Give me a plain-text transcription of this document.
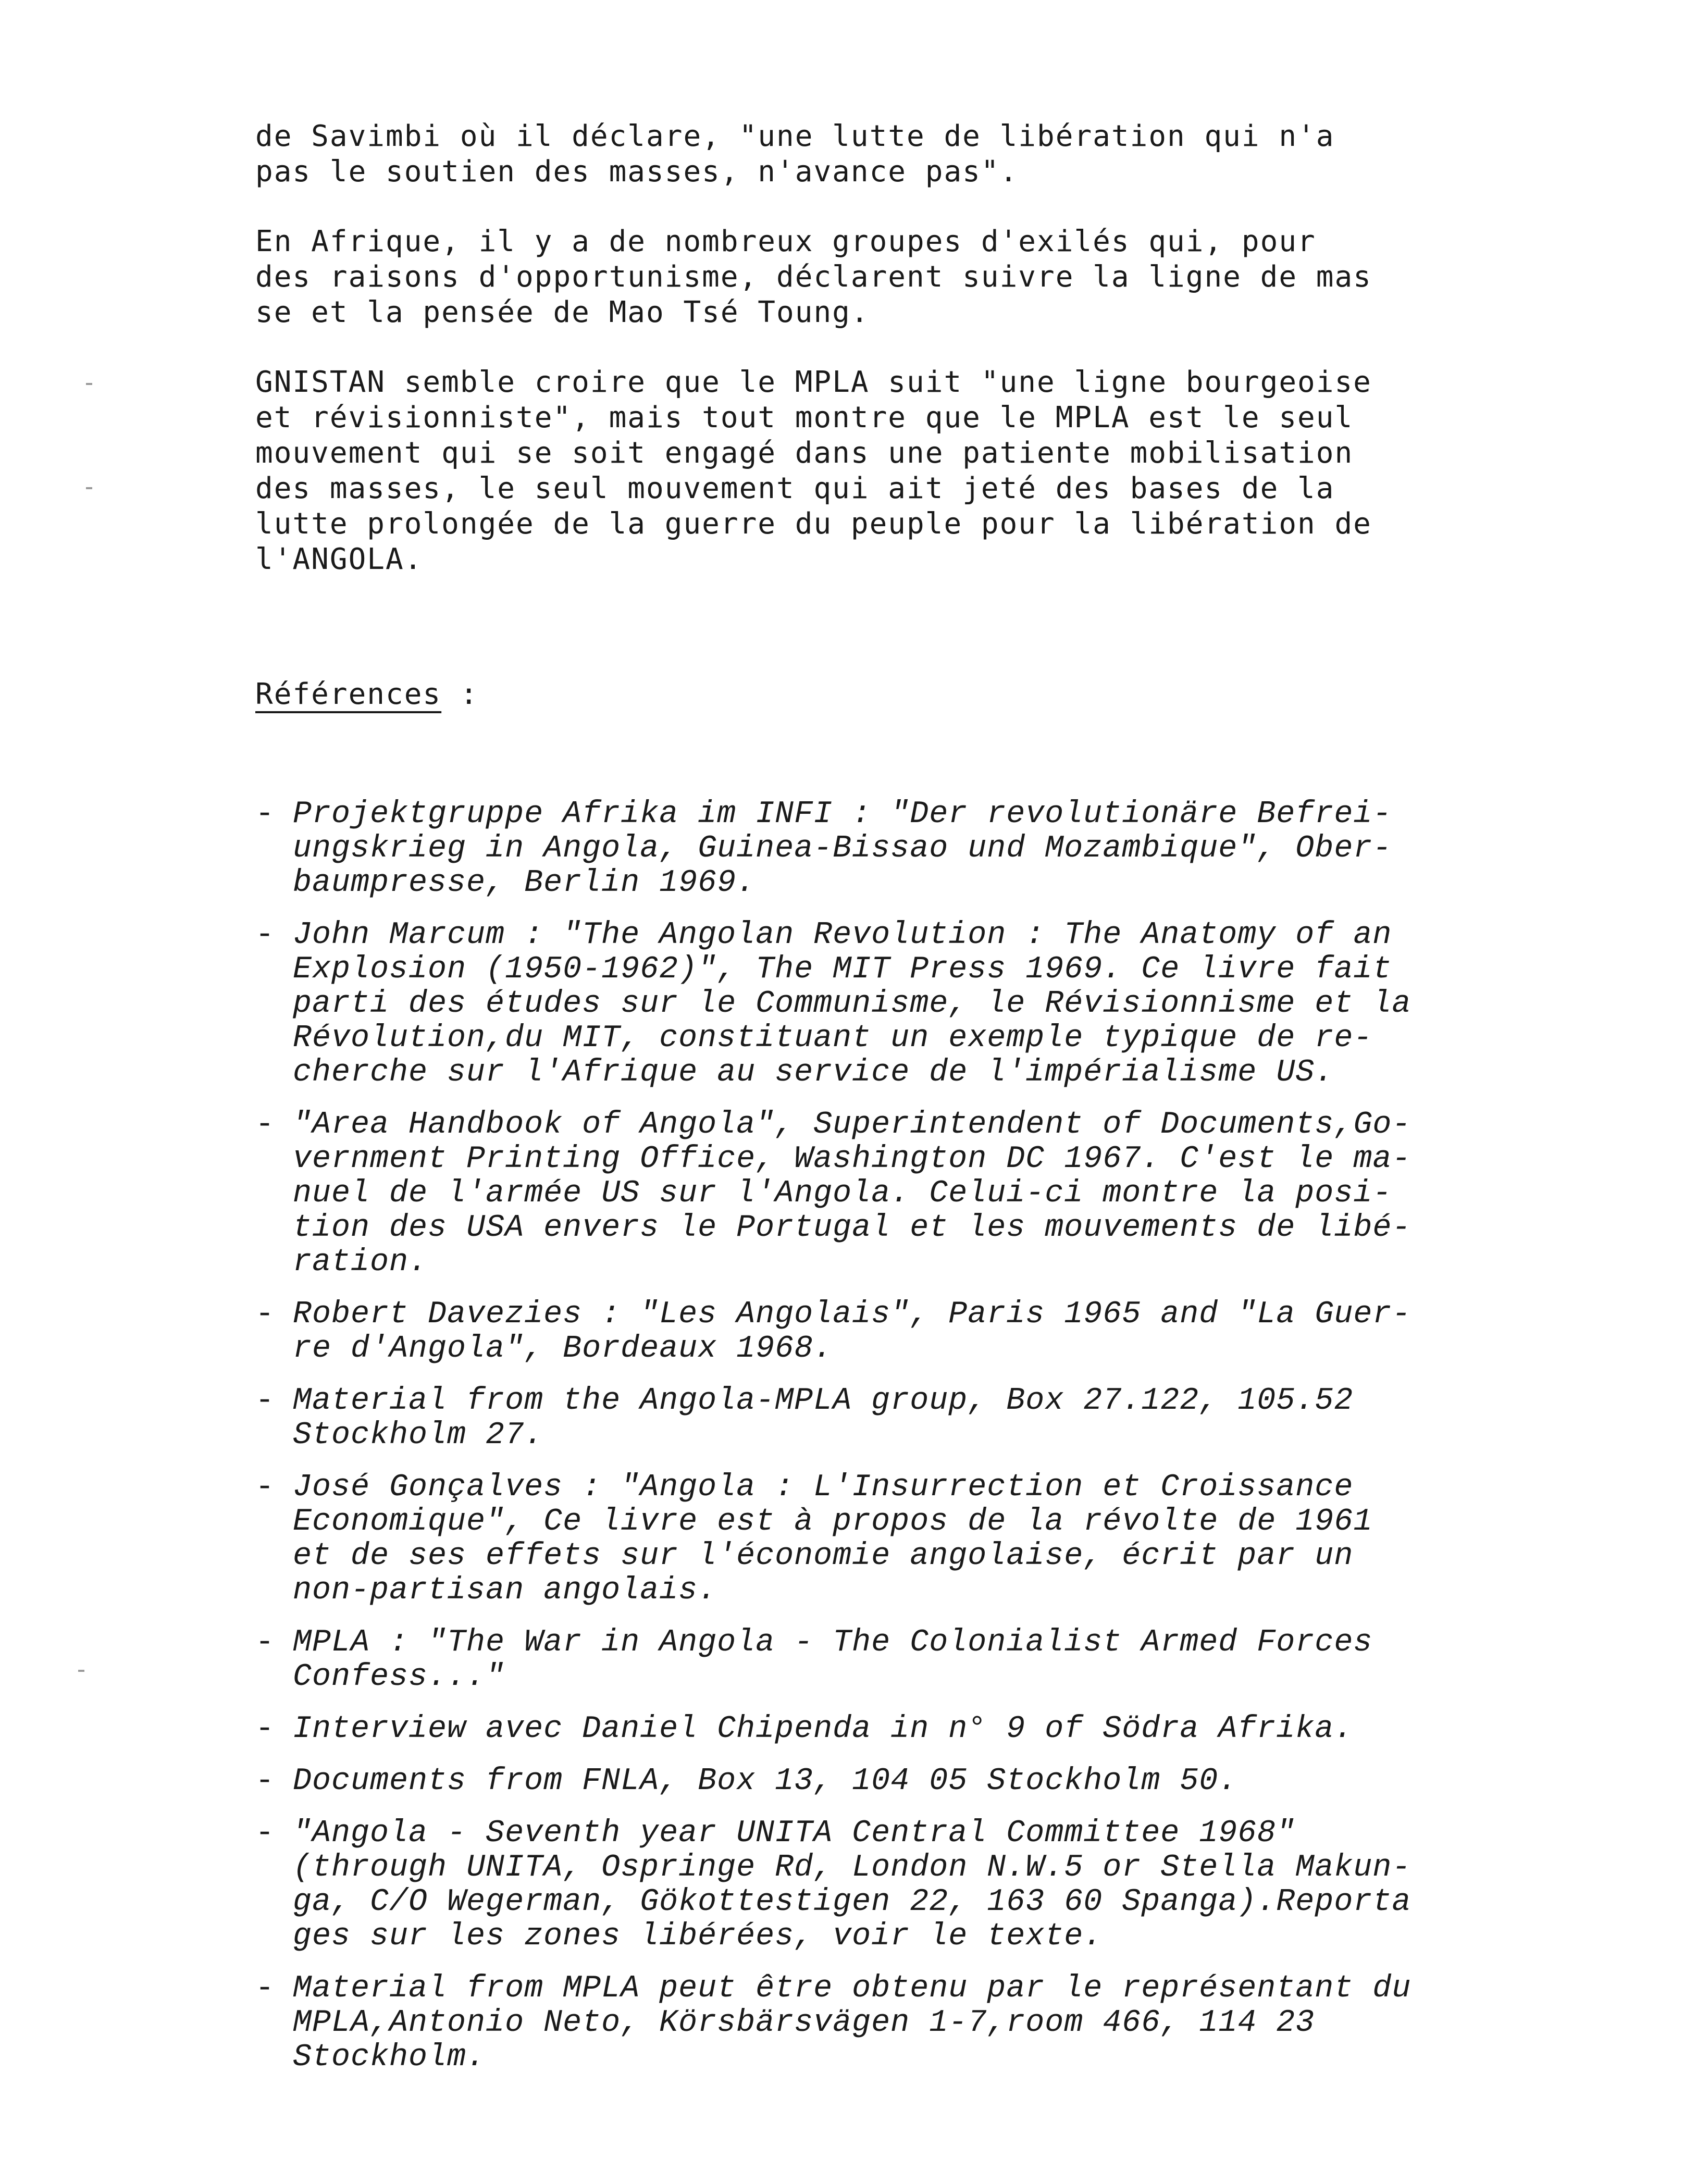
de Savimbi où il déclare, "une lutte de libération qui n'a
pas le soutien des masses, n'avance pas".

En Afrique, il y a de nombreux groupes d'exilés qui, pour
des raisons d'opportunisme, déclarent suivre la ligne de mas
se et la pensée de Mao Tsé Toung.

GNISTAN semble croire que le MPLA suit "une ligne bourgeoise
et révisionniste", mais tout montre que le MPLA est le seul
mouvement qui se soit engagé dans une patiente mobilisation
des masses, le seul mouvement qui ait jeté des bases de la
lutte prolongée de la guerre du peuple pour la libération de
l'ANGOLA.

Références :
- Projektgruppe Afrika im INFI : "Der revolutionäre Befrei-
ungskrieg in Angola, Guinea-Bissao und Mozambique", Ober-
baumpresse, Berlin 1969.
- John Marcum : "The Angolan Revolution : The Anatomy of an
Explosion (1950-1962)", The MIT Press 1969. Ce livre fait
parti des études sur le Communisme, le Révisionnisme et la
Révolution,du MIT, constituant un exemple typique de re-
cherche sur l'Afrique au service de l'impérialisme US.
- "Area Handbook of Angola", Superintendent of Documents,Go-
vernment Printing Office, Washington DC 1967. C'est le ma-
nuel de l'armée US sur l'Angola. Celui-ci montre la posi-
tion des USA envers le Portugal et les mouvements de libé-
ration.
- Robert Davezies : "Les Angolais", Paris 1965 and "La Guer-
re d'Angola", Bordeaux 1968.
- Material from the Angola-MPLA group, Box 27.122, 105.52
Stockholm 27.
- José Gonçalves : "Angola : L'Insurrection et Croissance
Economique", Ce livre est à propos de la révolte de 1961
et de ses effets sur l'économie angolaise, écrit par un
non-partisan angolais.
- MPLA : "The War in Angola - The Colonialist Armed Forces
Confess..."
- Interview avec Daniel Chipenda in n° 9 of Södra Afrika.
- Documents from FNLA, Box 13, 104 05 Stockholm 50.
- "Angola - Seventh year UNITA Central Committee 1968"
(through UNITA, Ospringe Rd, London N.W.5 or Stella Makun-
ga, C/O Wegerman, Gökottestigen 22, 163 60 Spanga).Reporta
ges sur les zones libérées, voir le texte.
- Material from MPLA peut être obtenu par le représentant du
MPLA,Antonio Neto, Körsbärsvägen 1-7,room 466, 114 23
Stockholm.
